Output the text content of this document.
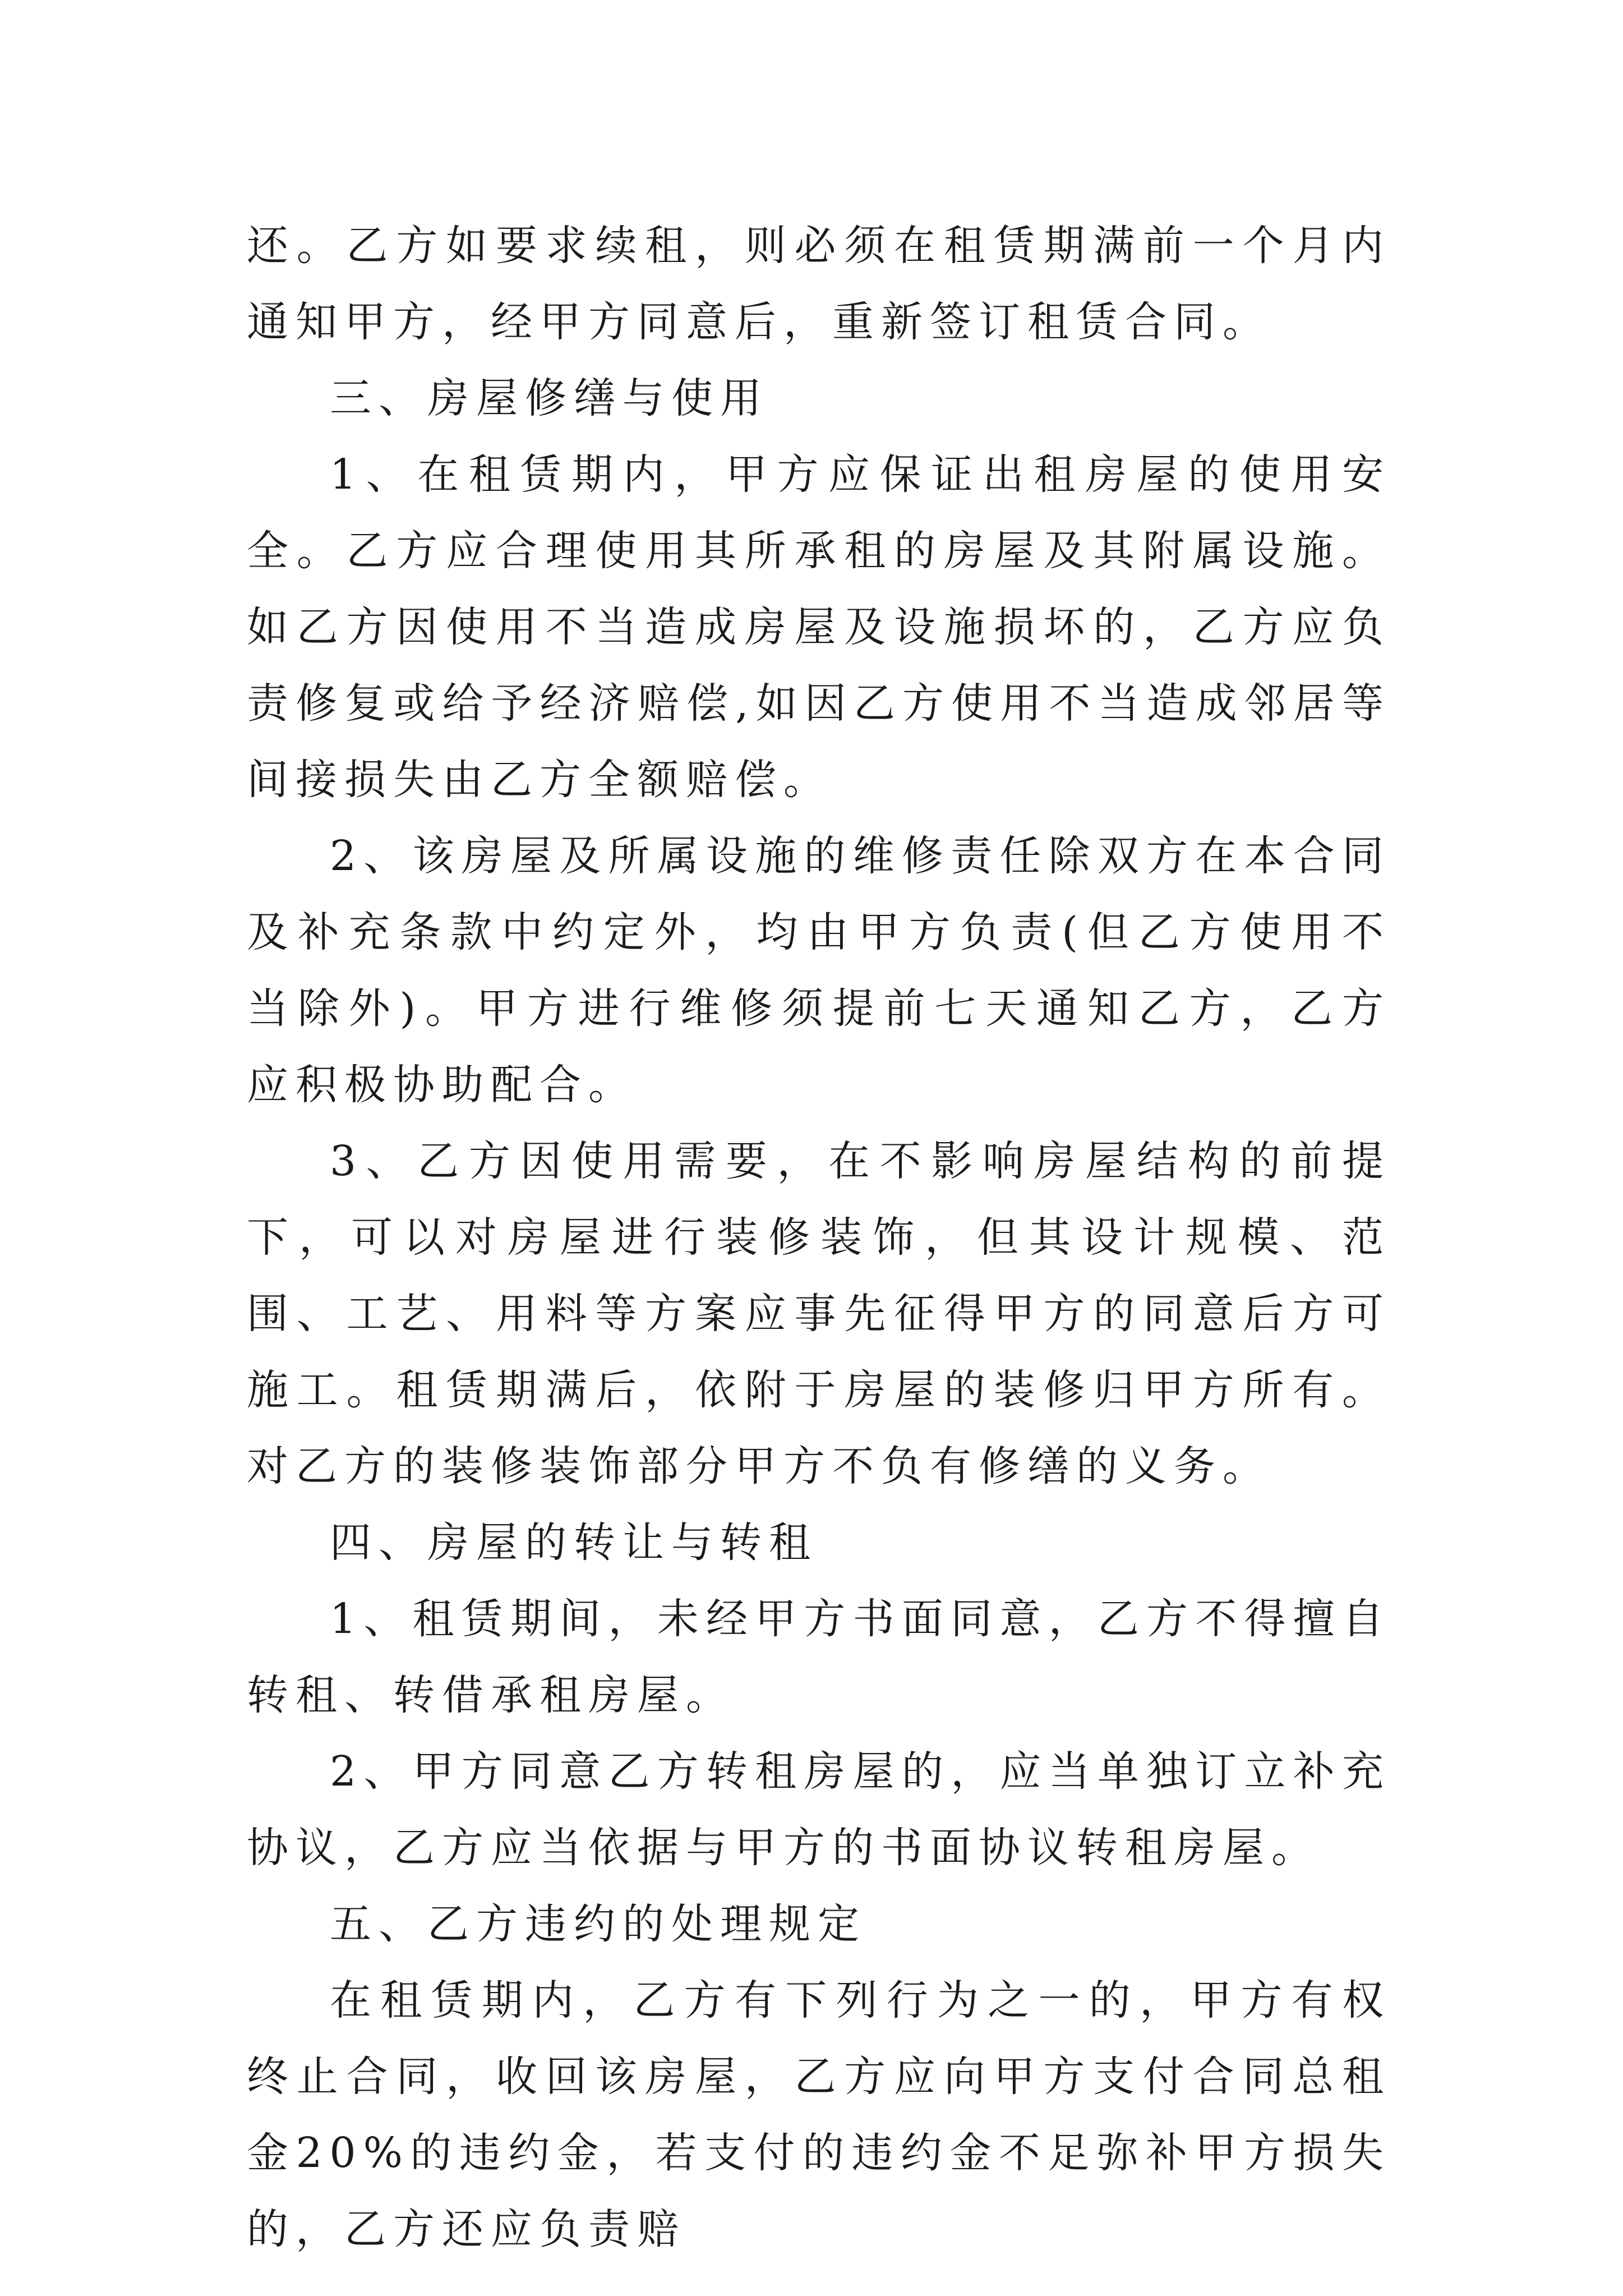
还。乙方如要求续租，则必须在租赁期满前一个月内通知甲方，经甲方同意后，重新签订租赁合同。

三、房屋修缮与使用

1、在租赁期内，甲方应保证出租房屋的使用安全。乙方应合理使用其所承租的房屋及其附属设施。如乙方因使用不当造成房屋及设施损坏的，乙方应负责修复或给予经济赔偿,如因乙方使用不当造成邻居等间接损失由乙方全额赔偿。

2、该房屋及所属设施的维修责任除双方在本合同及补充条款中约定外，均由甲方负责(但乙方使用不当除外)。甲方进行维修须提前七天通知乙方，乙方应积极协助配合。

3、乙方因使用需要，在不影响房屋结构的前提下，可以对房屋进行装修装饰，但其设计规模、范围、工艺、用料等方案应事先征得甲方的同意后方可施工。租赁期满后，依附于房屋的装修归甲方所有。对乙方的装修装饰部分甲方不负有修缮的义务。

四、房屋的转让与转租

1、租赁期间，未经甲方书面同意，乙方不得擅自转租、转借承租房屋。

2、甲方同意乙方转租房屋的，应当单独订立补充协议，乙方应当依据与甲方的书面协议转租房屋。

五、乙方违约的处理规定

在租赁期内，乙方有下列行为之一的，甲方有权终止合同，收回该房屋，乙方应向甲方支付合同总租金20%的违约金，若支付的违约金不足弥补甲方损失的，乙方还应负责赔
